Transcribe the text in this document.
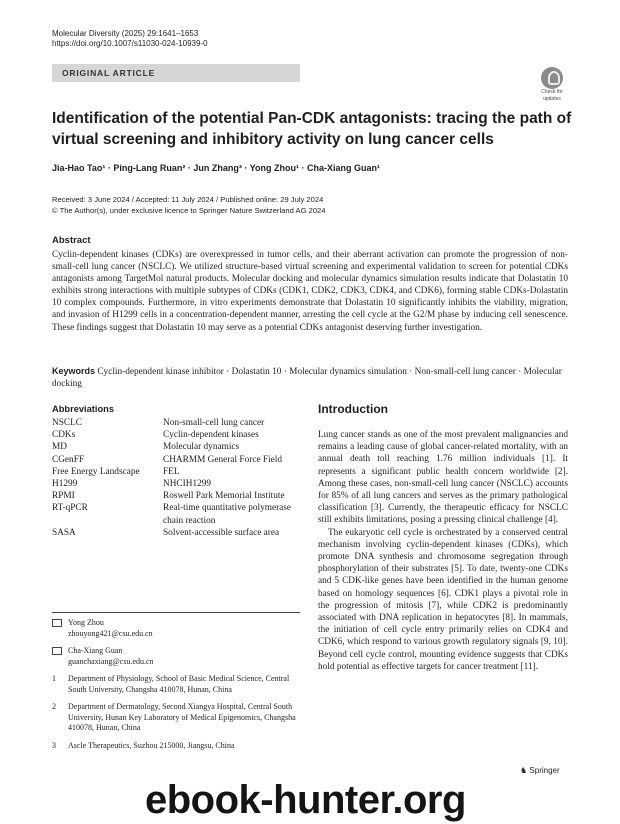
Molecular Diversity (2025) 29:1641–1653
https://doi.org/10.1007/s11030-024-10939-0
ORIGINAL ARTICLE
Check for
updates
Identification of the potential Pan-CDK antagonists: tracing the path of virtual screening and inhibitory activity on lung cancer cells
Jia-Hao Tao¹ · Ping-Lang Ruan² · Jun Zhang³ · Yong Zhou¹ · Cha-Xiang Guan¹
Received: 3 June 2024 / Accepted: 11 July 2024 / Published online: 29 July 2024
© The Author(s), under exclusive licence to Springer Nature Switzerland AG 2024
Abstract
Cyclin-dependent kinases (CDKs) are overexpressed in tumor cells, and their aberrant activation can promote the progression of non-small-cell lung cancer (NSCLC). We utilized structure-based virtual screening and experimental validation to screen for potential CDKs antagonists among TargetMol natural products. Molecular docking and molecular dynamics simulation results indicate that Dolastatin 10 exhibits strong interactions with multiple subtypes of CDKs (CDK1, CDK2, CDK3, CDK4, and CDK6), forming stable CDKs-Dolastatin 10 complex compounds. Furthermore, in vitro experiments demonstrate that Dolastatin 10 significantly inhibits the viability, migration, and invasion of H1299 cells in a concentration-dependent manner, arresting the cell cycle at the G2/M phase by inducing cell senescence. These findings suggest that Dolastatin 10 may serve as a potential CDKs antagonist deserving further investigation.
Keywords Cyclin-dependent kinase inhibitor · Dolastatin 10 · Molecular dynamics simulation · Non-small-cell lung cancer · Molecular docking
Abbreviations
NSCLC	Non-small-cell lung cancer
CDKs	Cyclin-dependent kinases
MD	Molecular dynamics
CGenFF	CHARMM General Force Field
Free Energy Landscape	FEL
H1299	NHCIH1299
RPMI	Roswell Park Memorial Institute
RT-qPCR	Real-time quantitative polymerase chain reaction
SASA	Solvent-accessible surface area
Yong Zhou
zhouyong421@csu.edu.cn
Cha-Xiang Guan
guanchaxiang@csu.edu.cn
1	Department of Physiology, School of Basic Medical Science, Central South University, Changsha 410078, Hunan, China
2	Department of Dermatology, Second Xiangya Hospital, Central South University, Hunan Key Laboratory of Medical Epigenomics, Changsha 410078, Hunan, China
3	Ascle Therapeutics, Suzhou 215000, Jiangsu, China
Introduction

Lung cancer stands as one of the most prevalent malignancies and remains a leading cause of global cancer-related mortality, with an annual death toll reaching 1.76 million individuals [1]. It represents a significant public health concern worldwide [2]. Among these cases, non-small-cell lung cancer (NSCLC) accounts for 85% of all lung cancers and serves as the primary pathological classification [3]. Currently, the therapeutic efficacy for NSCLC still exhibits limitations, posing a pressing clinical challenge [4].

The eukaryotic cell cycle is orchestrated by a conserved central mechanism involving cyclin-dependent kinases (CDKs), which promote DNA synthesis and chromosome segregation through phosphorylation of their substrates [5]. To date, twenty-one CDKs and 5 CDK-like genes have been identified in the human genome based on homology sequences [6]. CDK1 plays a pivotal role in the progression of mitosis [7], while CDK2 is predominantly associated with DNA replication in hepatocytes [8]. In mammals, the initiation of cell cycle entry primarily relies on CDK4 and CDK6, which respond to various growth regulatory signals [9, 10]. Beyond cell cycle control, mounting evidence suggests that CDKs hold potential as effective targets for cancer treatment [11].

♞ Springer
ebook-hunter.org
